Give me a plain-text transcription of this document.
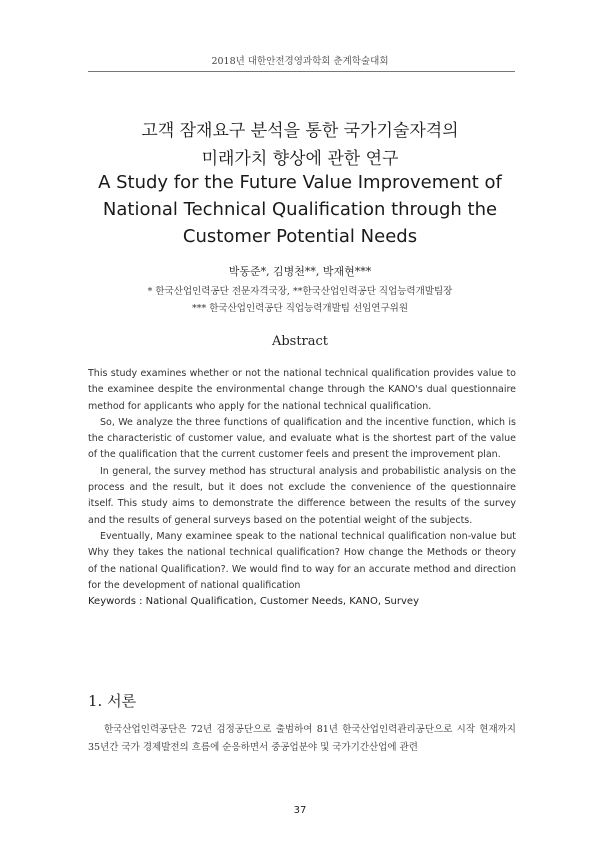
2018년 대한안전경영과학회 춘계학술대회
고객 잠재요구 분석을 통한 국가기술자격의
미래가치 향상에 관한 연구
A Study for the Future Value Improvement of National Technical Qualification through the Customer Potential Needs
박동준*, 김병천**, 박재현***
* 한국산업인력공단 전문자격국장, **한국산업인력공단 직업능력개발팀장
*** 한국산업인력공단 직업능력개발팀 선임연구위원
Abstract

This study examines whether or not the national technical qualification provides value to the examinee despite the environmental change through the KANO's dual questionnaire method for applicants who apply for the national technical qualification.

So, We analyze the three functions of qualification and the incentive function, which is the characteristic of customer value, and evaluate what is the shortest part of the value of the qualification that the current customer feels and present the improvement plan.

In general, the survey method has structural analysis and probabilistic analysis on the process and the result, but it does not exclude the convenience of the questionnaire itself. This study aims to demonstrate the difference between the results of the survey and the results of general surveys based on the potential weight of the subjects.

Eventually, Many examinee speak to the national technical qualification non-value but Why they takes the national technical qualification? How change the Methods or theory of the national Qualification?. We would find to way for an accurate method and direction for the development of national qualification

Keywords : National Qualification, Customer Needs, KANO, Survey

1. 서론

한국산업인력공단은 72년 검정공단으로 출범하여 81년 한국산업인력관리공단으로 시작 현재까지 35년간 국가 경제발전의 흐름에 순응하면서 중공업분야 및 국가기간산업에 관련

37
